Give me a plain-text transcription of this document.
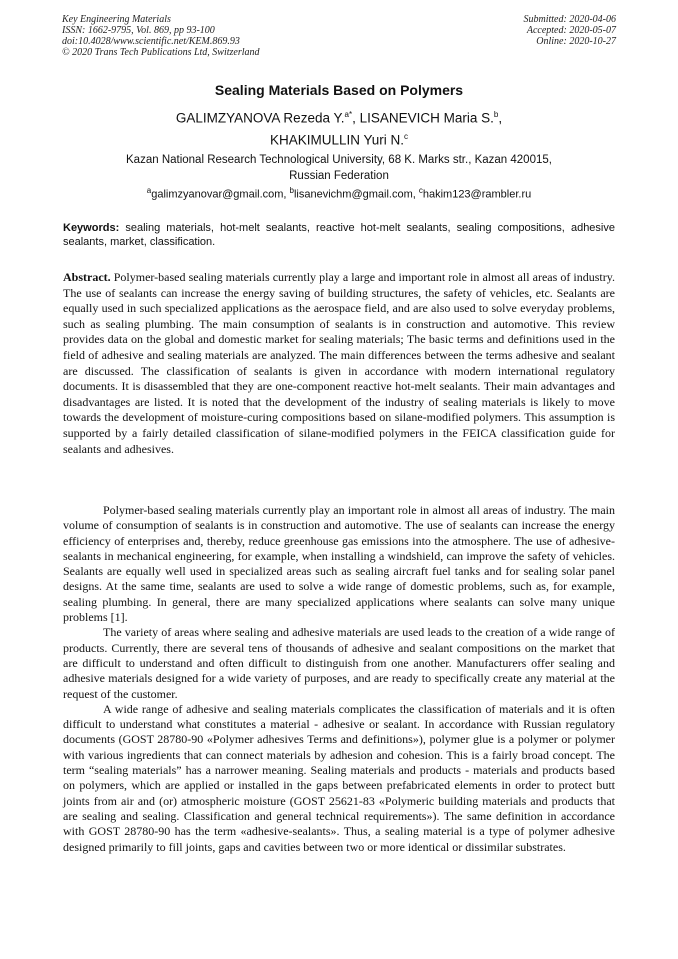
Key Engineering Materials
ISSN: 1662-9795, Vol. 869, pp 93-100
doi:10.4028/www.scientific.net/KEM.869.93
© 2020 Trans Tech Publications Ltd, Switzerland
Submitted: 2020-04-06
Accepted: 2020-05-07
Online: 2020-10-27
Sealing Materials Based on Polymers
GALIMZYANOVA Rezeda Y.$^{a*}$, LISANEVICH Maria S.$^b$,
KHAKIMULLIN Yuri N.$^c$
Kazan National Research Technological University, 68 K. Marks str., Kazan 420015,
Russian Federation
$^a$galimzyanovar@gmail.com, $^b$lisanevichm@gmail.com, $^c$hakim123@rambler.ru
Keywords: sealing materials, hot-melt sealants, reactive hot-melt sealants, sealing compositions, adhesive sealants, market, classification.
Abstract. Polymer-based sealing materials currently play a large and important role in almost all areas of industry. The use of sealants can increase the energy saving of building structures, the safety of vehicles, etc. Sealants are equally used in such specialized applications as the aerospace field, and are also used to solve everyday problems, such as sealing plumbing. The main consumption of sealants is in construction and automotive. This review provides data on the global and domestic market for sealing materials; The basic terms and definitions used in the field of adhesive and sealing materials are analyzed. The main differences between the terms adhesive and sealant are discussed. The classification of sealants is given in accordance with modern international regulatory documents. It is disassembled that they are one-component reactive hot-melt sealants. Their main advantages and disadvantages are listed. It is noted that the development of the industry of sealing materials is likely to move towards the development of moisture-curing compositions based on silane-modified polymers. This assumption is supported by a fairly detailed classification of silane-modified polymers in the FEICA classification guide for sealants and adhesives.

Polymer-based sealing materials currently play an important role in almost all areas of industry. The main volume of consumption of sealants is in construction and automotive. The use of sealants can increase the energy efficiency of enterprises and, thereby, reduce greenhouse gas emissions into the atmosphere. The use of adhesive-sealants in mechanical engineering, for example, when installing a windshield, can improve the safety of vehicles. Sealants are equally well used in specialized areas such as sealing aircraft fuel tanks and for sealing solar panel designs. At the same time, sealants are used to solve a wide range of domestic problems, such as, for example, sealing plumbing. In general, there are many specialized applications where sealants can solve many unique problems [1].

The variety of areas where sealing and adhesive materials are used leads to the creation of a wide range of products. Currently, there are several tens of thousands of adhesive and sealant compositions on the market that are difficult to understand and often difficult to distinguish from one another. Manufacturers offer sealing and adhesive materials designed for a wide variety of purposes, and are ready to specifically create any material at the request of the customer.

A wide range of adhesive and sealing materials complicates the classification of materials and it is often difficult to understand what constitutes a material - adhesive or sealant. In accordance with Russian regulatory documents (GOST 28780-90 «Polymer adhesives Terms and definitions»), polymer glue is a polymer or polymer with various ingredients that can connect materials by adhesion and cohesion. This is a fairly broad concept. The term “sealing materials” has a narrower meaning. Sealing materials and products - materials and products based on polymers, which are applied or installed in the gaps between prefabricated elements in order to protect butt joints from air and (or) atmospheric moisture (GOST 25621-83 «Polymeric building materials and products that are sealing and sealing. Classification and general technical requirements»). The same definition in accordance with GOST 28780-90 has the term «adhesive-sealants». Thus, a sealing material is a type of polymer adhesive designed primarily to fill joints, gaps and cavities between two or more identical or dissimilar substrates.
